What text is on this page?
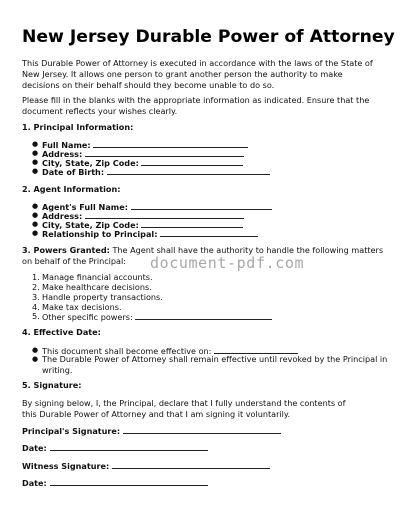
New Jersey Durable Power of Attorney

This Durable Power of Attorney is executed in accordance with the laws of the State of New Jersey. It allows one person to grant another person the authority to make decisions on their behalf should they become unable to do so.

Please fill in the blanks with the appropriate information as indicated. Ensure that the document reflects your wishes clearly.

1. Principal Information:
● Full Name:
● Address:
● City, State, Zip Code:
● Date of Birth:
2. Agent Information:
● Agent's Full Name:
● Address:
● City, State, Zip Code:
● Relationship to Principal:
3. Powers Granted: The Agent shall have the authority to handle the following matters
on behalf of the Principal:
1. Manage financial accounts.
2. Make healthcare decisions.
3. Handle property transactions.
4. Make tax decisions.
5. Other specific powers:
4. Effective Date:
● This document shall become effective on:
● The Durable Power of Attorney shall remain effective until revoked by the Principal in
writing.
5. Signature:

By signing below, I, the Principal, declare that I fully understand the contents of this Durable Power of Attorney and that I am signing it voluntarily.

Principal's Signature:
Date:
Witness Signature:
Date:
document-pdf.com
